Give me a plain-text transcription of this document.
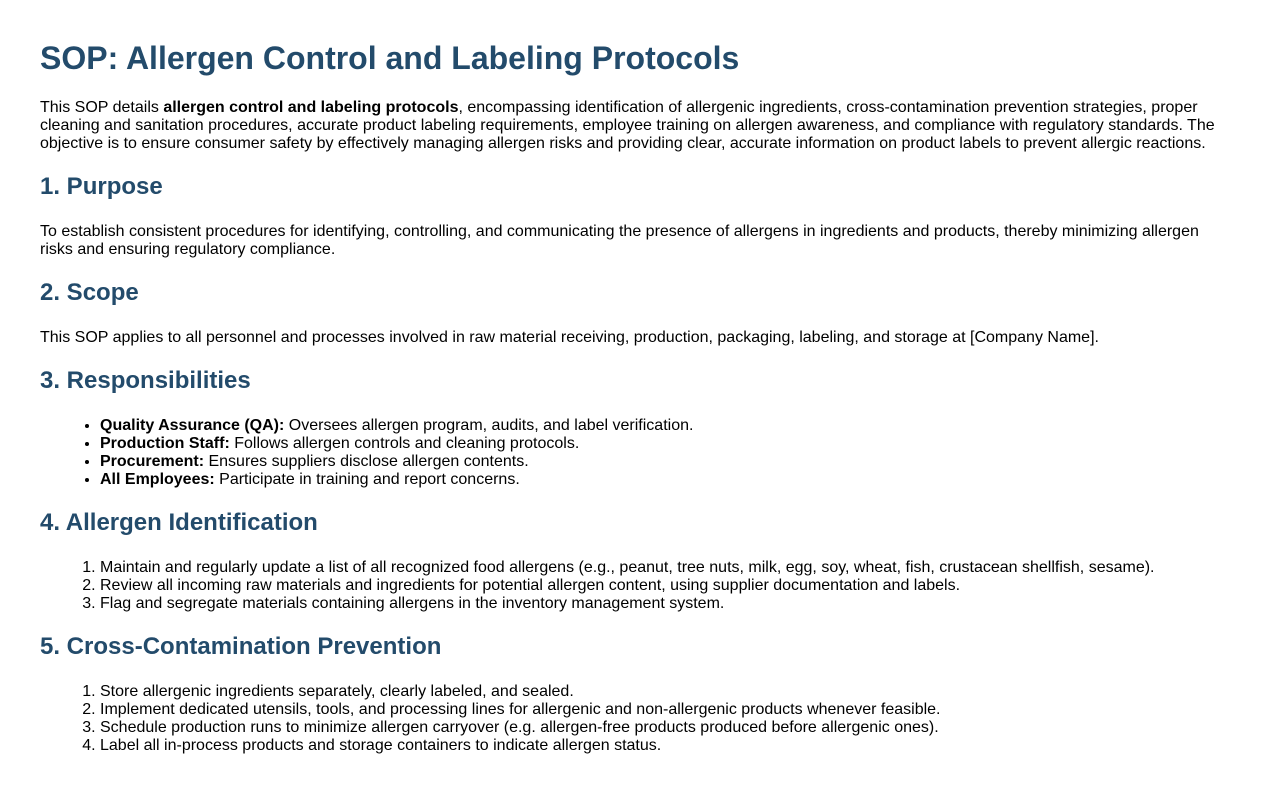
SOP: Allergen Control and Labeling Protocols

This SOP details allergen control and labeling protocols, encompassing identification of allergenic ingredients, cross-contamination prevention strategies, proper cleaning and sanitation procedures, accurate product labeling requirements, employee training on allergen awareness, and compliance with regulatory standards. The objective is to ensure consumer safety by effectively managing allergen risks and providing clear, accurate information on product labels to prevent allergic reactions.

1. Purpose

To establish consistent procedures for identifying, controlling, and communicating the presence of allergens in ingredients and products, thereby minimizing allergen risks and ensuring regulatory compliance.

2. Scope

This SOP applies to all personnel and processes involved in raw material receiving, production, packaging, labeling, and storage at [Company Name].

3. Responsibilities
• Quality Assurance (QA): Oversees allergen program, audits, and label verification.
• Production Staff: Follows allergen controls and cleaning protocols.
• Procurement: Ensures suppliers disclose allergen contents.
• All Employees: Participate in training and report concerns.
4. Allergen Identification
1. Maintain and regularly update a list of all recognized food allergens (e.g., peanut, tree nuts, milk, egg, soy, wheat, fish, crustacean shellfish, sesame).
2. Review all incoming raw materials and ingredients for potential allergen content, using supplier documentation and labels.
3. Flag and segregate materials containing allergens in the inventory management system.
5. Cross-Contamination Prevention
1. Store allergenic ingredients separately, clearly labeled, and sealed.
2. Implement dedicated utensils, tools, and processing lines for allergenic and non-allergenic products whenever feasible.
3. Schedule production runs to minimize allergen carryover (e.g. allergen-free products produced before allergenic ones).
4. Label all in-process products and storage containers to indicate allergen status.
